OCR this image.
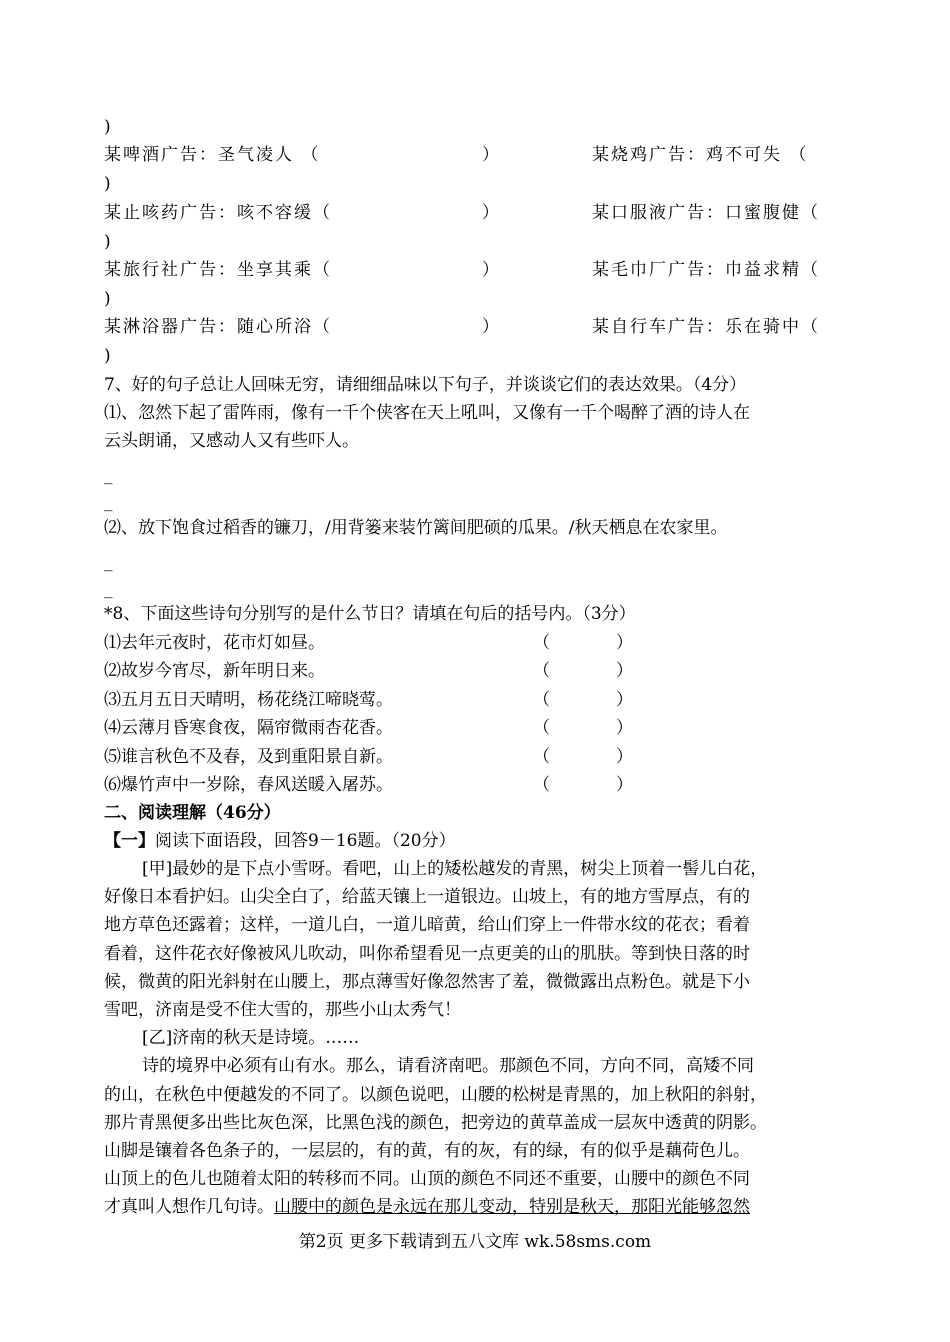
)
某啤酒广告：圣气凌人 （	）	某烧鸡广告：鸡不可失 （
)
某止咳药广告：咳不容缓（	）	某口服液广告：口蜜腹健（
)
某旅行社广告：坐享其乘（	）	某毛巾厂广告：巾益求精（
)
某淋浴器广告：随心所浴（	）	某自行车广告：乐在骑中（
)
7、好的句子总让人回味无穷，请细细品味以下句子，并谈谈它们的表达效果。（4分）
⑴、忽然下起了雷阵雨，像有一千个侠客在天上吼叫，又像有一千个喝醉了酒的诗人在
云头朗诵，又感动人又有些吓人。
_
_
⑵、放下饱食过稻香的镰刀，/用背篓来装竹篱间肥硕的瓜果。/秋天栖息在农家里。
_
_
*8、下面这些诗句分别写的是什么节日？请填在句后的括号内。（3分）
⑴去年元夜时，花市灯如昼。	（	）
⑵故岁今宵尽，新年明日来。	（	）
⑶五月五日天晴明，杨花绕江啼晓莺。	（	）
⑷云薄月昏寒食夜，隔帘微雨杏花香。	（	）
⑸谁言秋色不及春，及到重阳景自新。	（	）
⑹爆竹声中一岁除，春风送暖入屠苏。	（	）
二、阅读理解（46分）
【一】阅读下面语段，回答9－16题。（20分）
[甲]最妙的是下点小雪呀。看吧，山上的矮松越发的青黑，树尖上顶着一髻儿白花，
好像日本看护妇。山尖全白了，给蓝天镶上一道银边。山坡上，有的地方雪厚点，有的
地方草色还露着；这样，一道儿白，一道儿暗黄，给山们穿上一件带水纹的花衣；看着
看着，这件花衣好像被风儿吹动，叫你希望看见一点更美的山的肌肤。等到快日落的时
候，微黄的阳光斜射在山腰上，那点薄雪好像忽然害了羞，微微露出点粉色。就是下小
雪吧，济南是受不住大雪的，那些小山太秀气！
[乙]济南的秋天是诗境。……
诗的境界中必须有山有水。那么，请看济南吧。那颜色不同，方向不同，高矮不同
的山，在秋色中便越发的不同了。以颜色说吧，山腰的松树是青黑的，加上秋阳的斜射，
那片青黑便多出些比灰色深，比黑色浅的颜色，把旁边的黄草盖成一层灰中透黄的阴影。
山脚是镶着各色条子的，一层层的，有的黄，有的灰，有的绿，有的似乎是藕荷色儿。
山顶上的色儿也随着太阳的转移而不同。山顶的颜色不同还不重要，山腰中的颜色不同
才真叫人想作几句诗。山腰中的颜色是永远在那儿变动，特别是秋天，那阳光能够忽然
第2页 更多下载请到五八文库 wk.58sms.com
